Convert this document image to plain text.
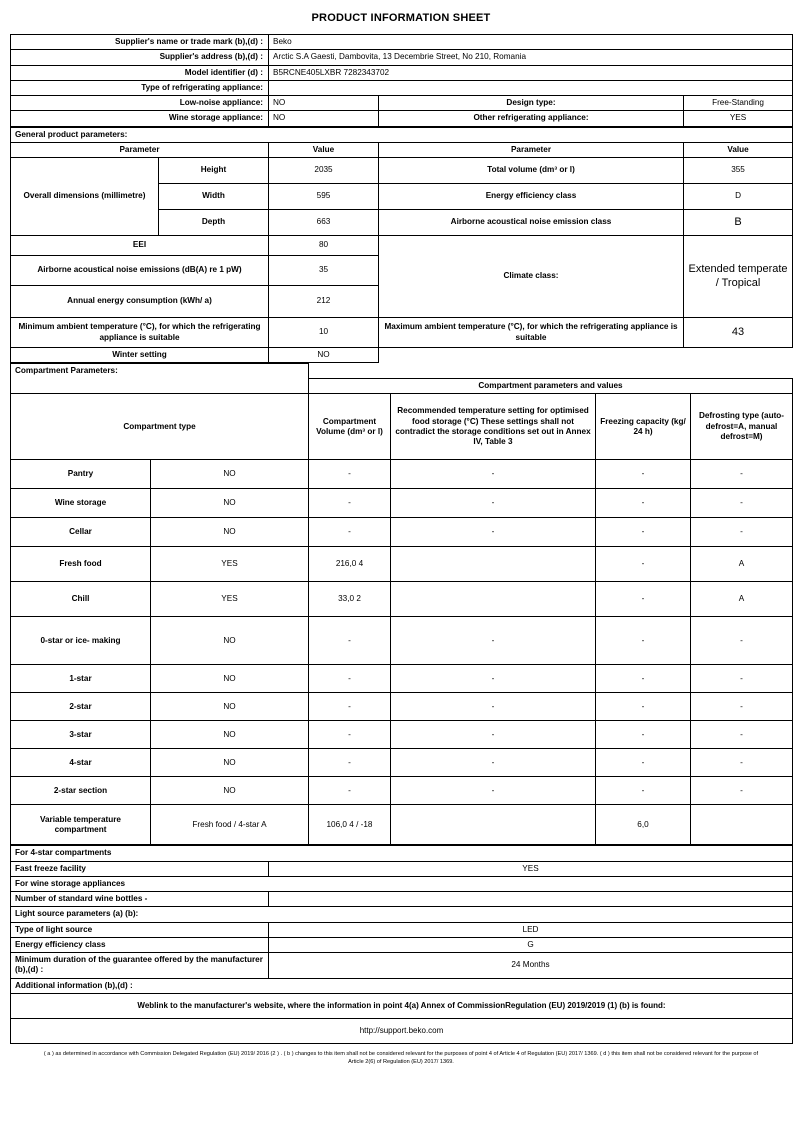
PRODUCT INFORMATION SHEET
Supplier's name or trade mark (b),(d) :	Beko		
Supplier's address (b),(d) :	Arctic S.A Gaesti, Dambovita, 13 Decembrie Street, No 210, Romania		
Model identifier (d) :	B5RCNE405LXBR 7282343702		
Type of refrigerating appliance:			
Low-noise appliance:	NO	Design type:	Free-Standing
Wine storage appliance:	NO	Other refrigerating appliance:	YES
General product parameters:				
Parameter		Value	Parameter	Value
Overall dimensions (millimetre)	Height	2035	Total volume (dm³ or l)	355
	Width	595	Energy efficiency class	D
	Depth	663	Airborne acoustical noise emission class	B
EEI		80	Climate class:	Extended temperate / Tropical
Airborne acoustical noise emissions (dB(A) re 1 pW)		35		
Annual energy consumption (kWh/ a)		212		
Minimum ambient temperature (°C), for which the refrigerating appliance is suitable		10	Maximum ambient temperature (°C), for which the refrigerating appliance is suitable	43
Winter setting		NO		
Compartment Parameters:					
		Compartment parameters and values			
Compartment type		Compartment Volume (dm³ or l)	Recommended temperature setting for optimised food storage (°C) These settings shall not contradict the storage conditions set out in Annex IV, Table 3	Freezing capacity (kg/ 24 h)	Defrosting type (auto-defrost=A, manual defrost=M)
Pantry	NO	-	-	-	-
Wine storage	NO	-	-	-	-
Cellar	NO	-	-	-	-
Fresh food	YES	216,0 4		-	A
Chill	YES	33,0 2		-	A
0-star or ice- making	NO	-	-	-	-
1-star	NO	-	-	-	-
2-star	NO	-	-	-	-
3-star	NO	-	-	-	-
4-star	NO	-	-	-	-
2-star section	NO	-	-	-	-
Variable temperature compartment	Fresh food / 4-star A	106,0 4 / -18		6,0	
For 4-star compartments	
Fast freeze facility	YES
For wine storage appliances	
Number of standard wine bottles -	
Light source parameters (a) (b):	
Type of light source	LED
Energy efficiency class	G
Minimum duration of the guarantee offered by the manufacturer (b),(d) :	24 Months
Additional information (b),(d) :	
Weblink to the manufacturer's website, where the information in point 4(a) Annex of CommissionRegulation (EU) 2019/2019 (1) (b) is found:	
http://support.beko.com	
( a ) as determined in accordance with Commission Delegated Regulation (EU) 2019/ 2016 (2 ) . ( b ) changes to this item shall not be considered relevant for the purposes of point 4 of Article 4 of Regulation (EU) 2017/ 1369. ( d ) this item shall not be considered relevant for the purpose of Article 2(6) of Regulation (EU) 2017/ 1369.
